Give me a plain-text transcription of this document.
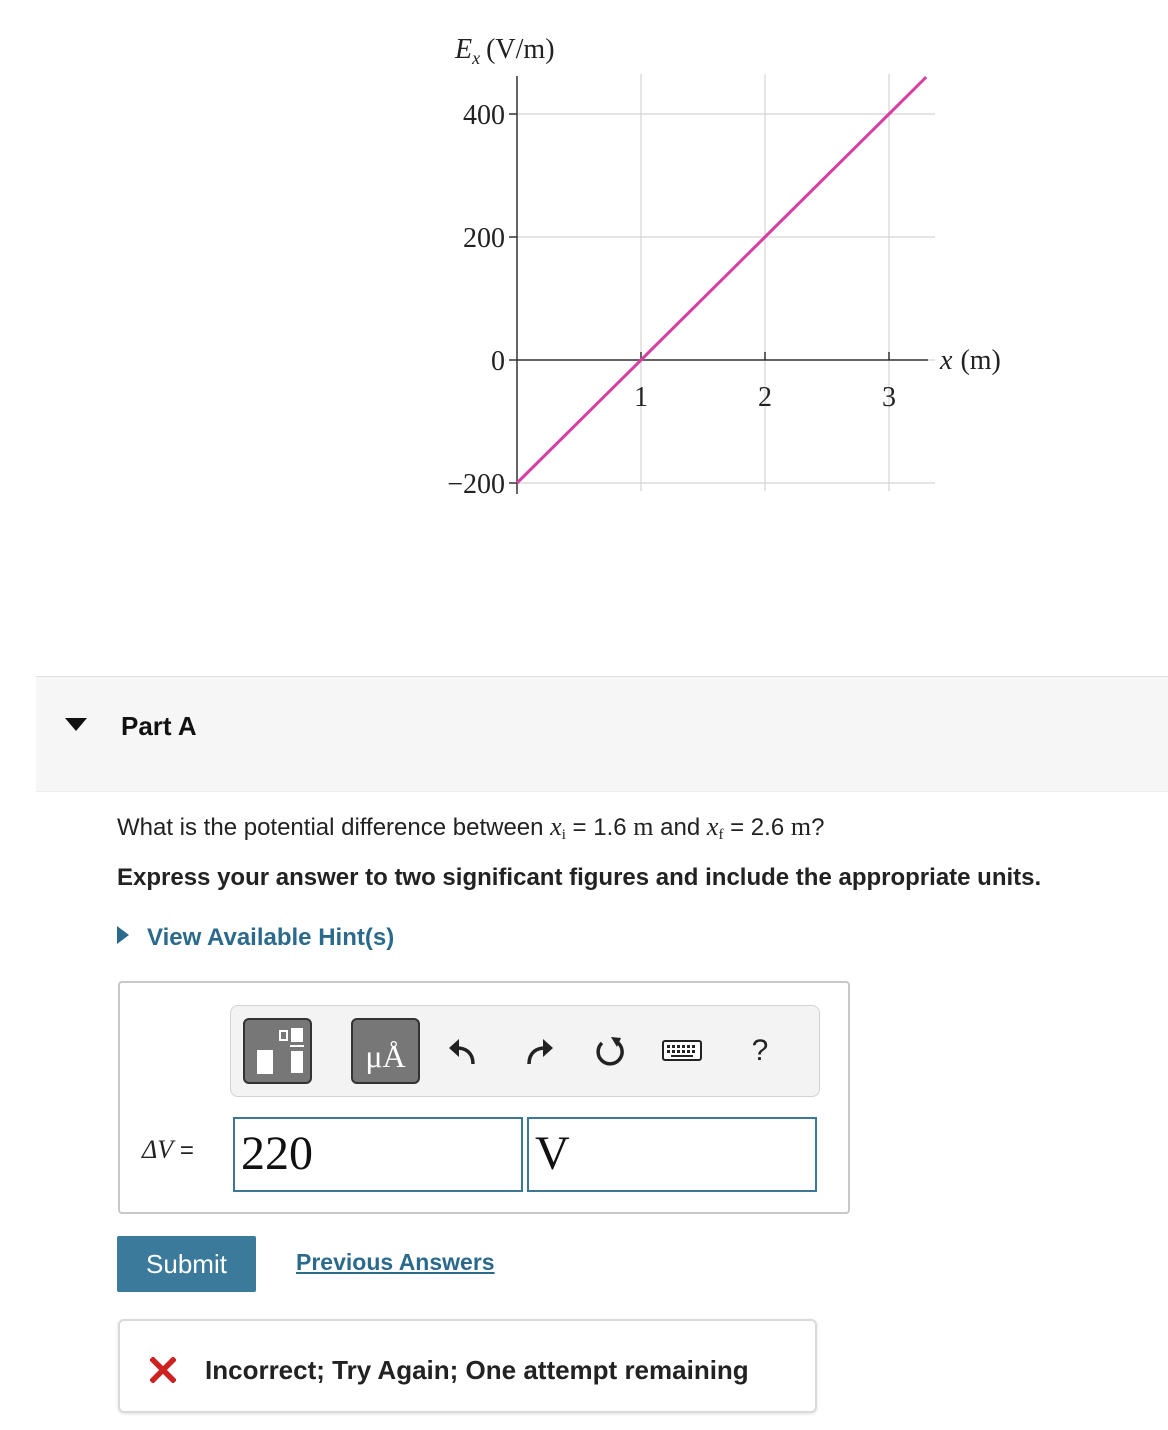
400
200
0
−200
1	2	3
$E_x$ (V/m)
x (m)
Part A
What is the potential difference between $x_i = 1.6$ m and $x_f = 2.6$ m?
Express your answer to two significant figures and include the appropriate units.
View Available Hint(s)
μÅ	?
ΔV = 220	V
Submit	Previous Answers
Incorrect; Try Again; One attempt remaining
